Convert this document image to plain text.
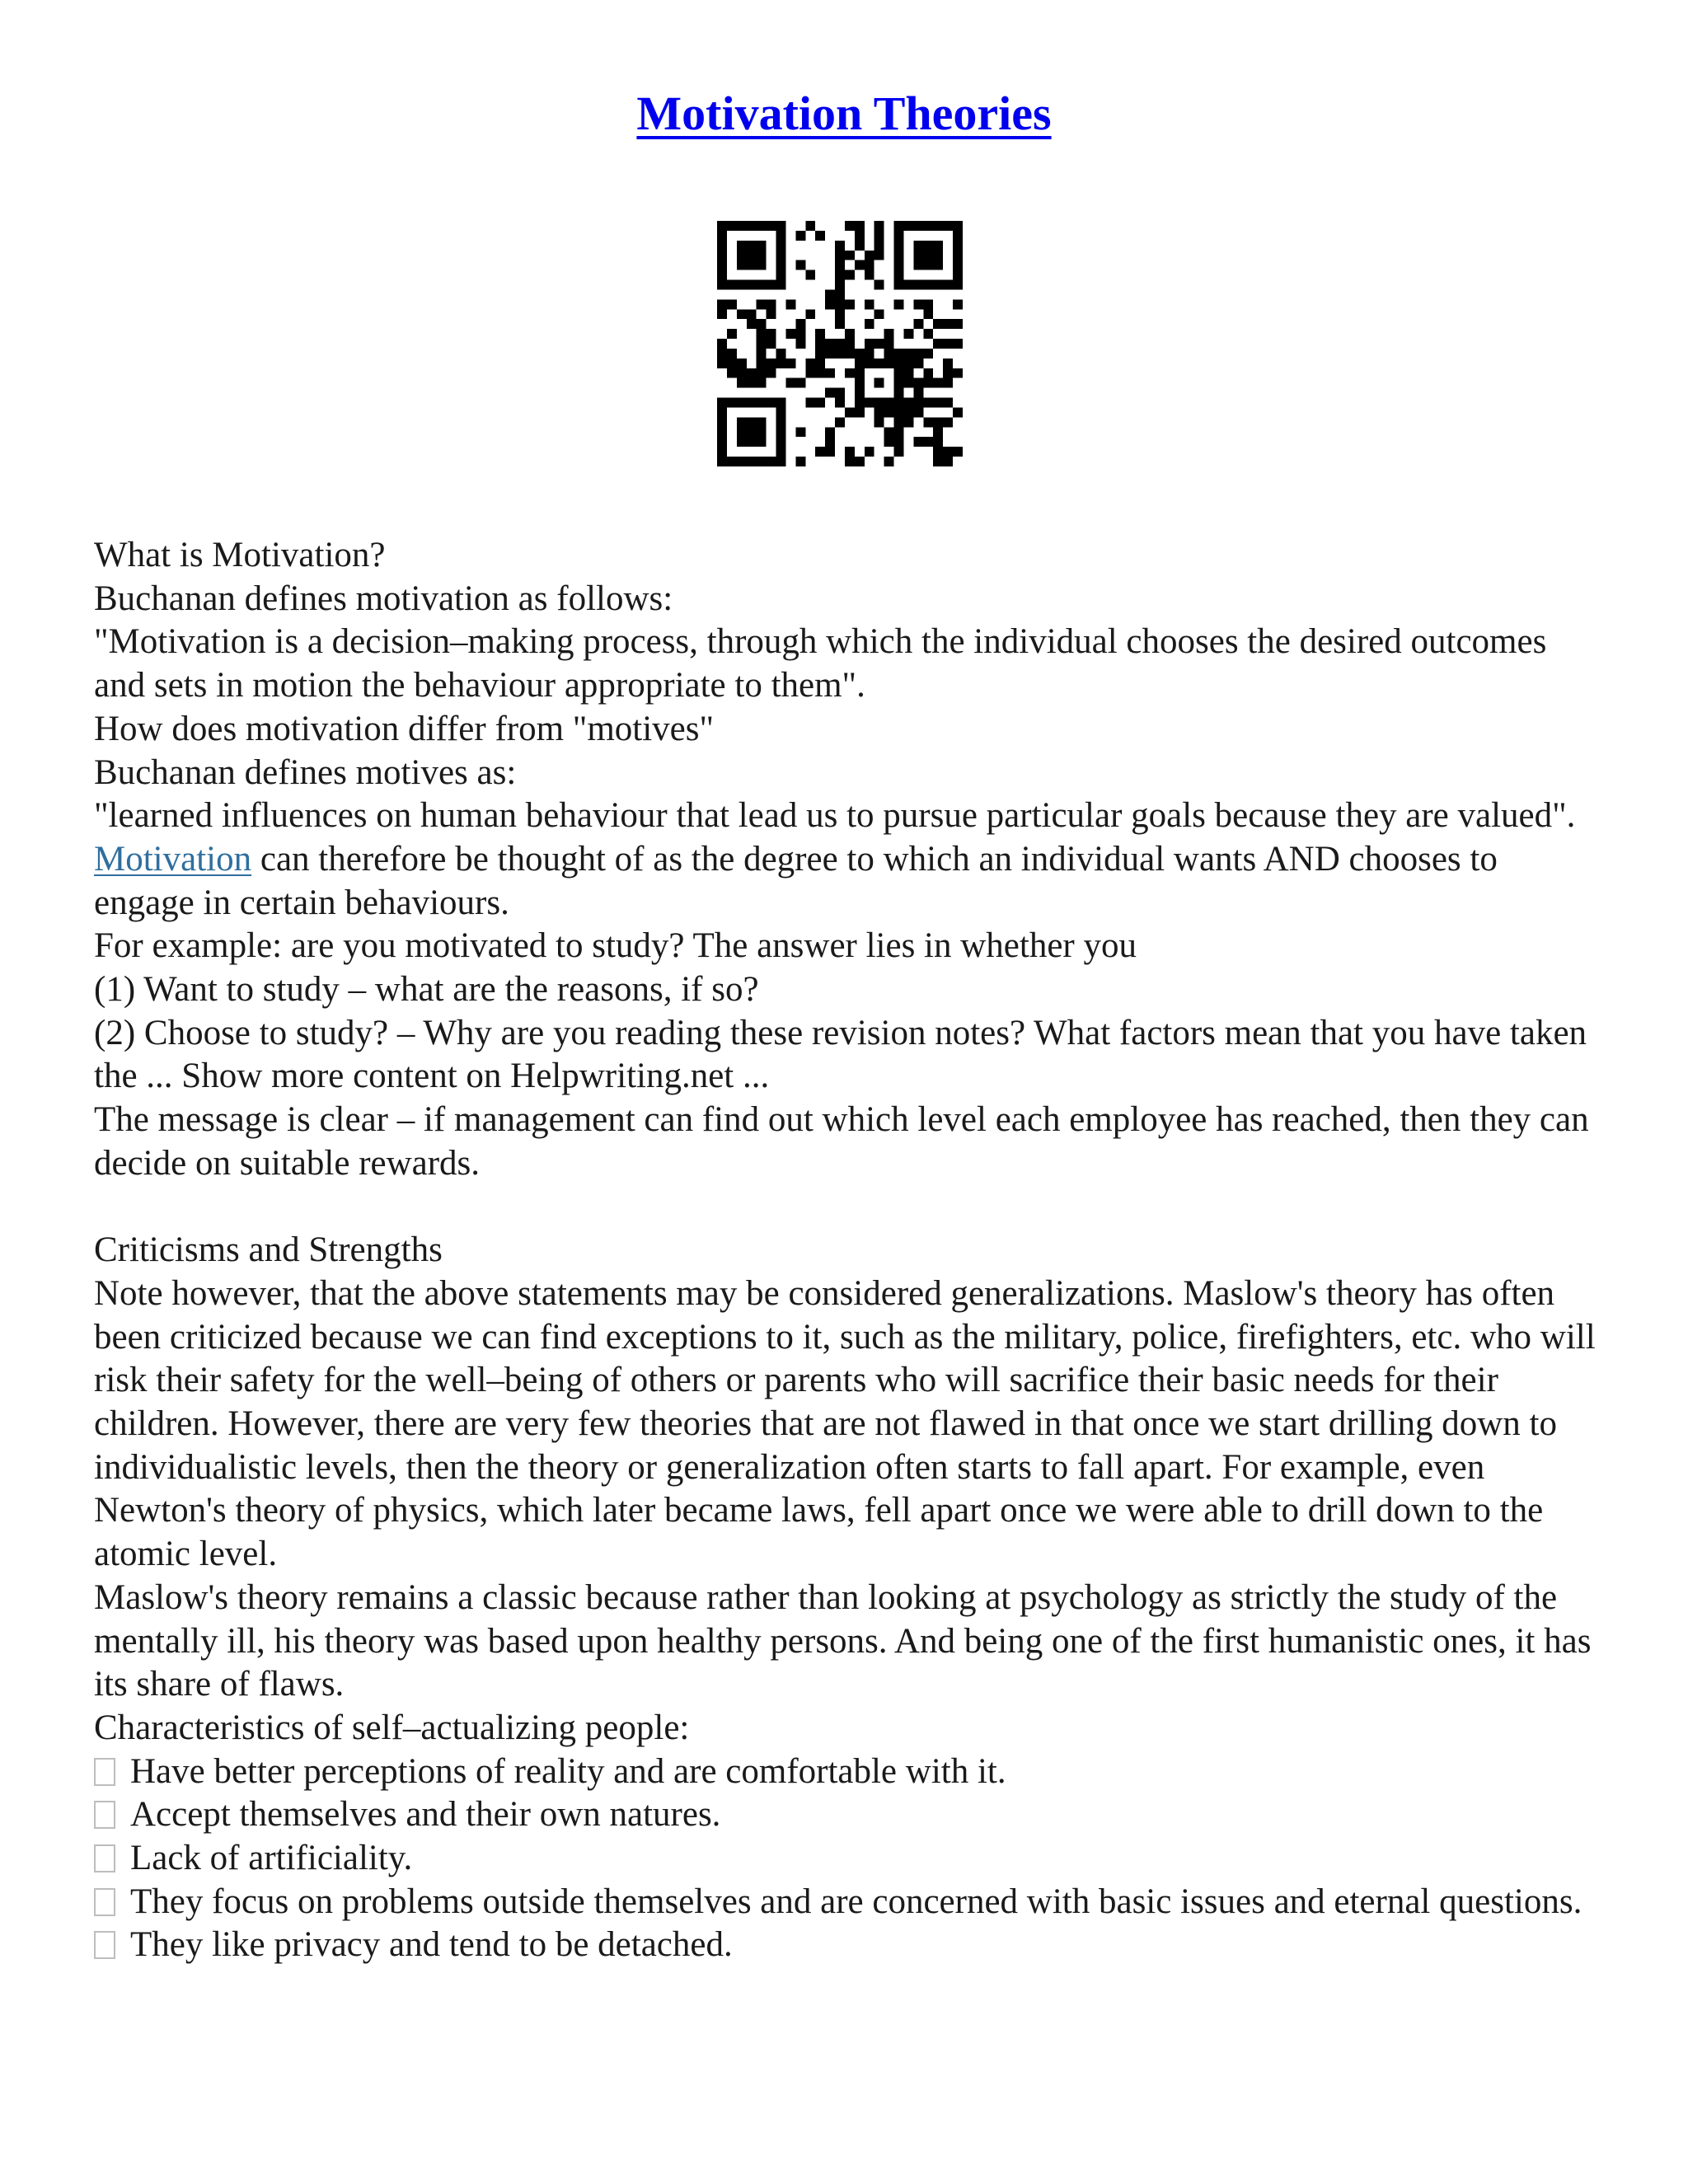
Motivation Theories

What is Motivation?

Buchanan defines motivation as follows:

"Motivation is a decision–making process, through which the individual chooses the desired outcomes and sets in motion the behaviour appropriate to them".

How does motivation differ from "motives"

Buchanan defines motives as:

"learned influences on human behaviour that lead us to pursue particular goals because they are valued".

Motivation can therefore be thought of as the degree to which an individual wants AND chooses to engage in certain behaviours.

For example: are you motivated to study? The answer lies in whether you

(1) Want to study – what are the reasons, if so?

(2) Choose to study? – Why are you reading these revision notes? What factors mean that you have taken the ... Show more content on Helpwriting.net ...

The message is clear – if management can find out which level each employee has reached, then they can decide on suitable rewards.

Criticisms and Strengths

Note however, that the above statements may be considered generalizations. Maslow's theory has often been criticized because we can find exceptions to it, such as the military, police, firefighters, etc. who will risk their safety for the well–being of others or parents who will sacrifice their basic needs for their children. However, there are very few theories that are not flawed in that once we start drilling down to individualistic levels, then the theory or generalization often starts to fall apart. For example, even Newton's theory of physics, which later became laws, fell apart once we were able to drill down to the atomic level.

Maslow's theory remains a classic because rather than looking at psychology as strictly the study of the mentally ill, his theory was based upon healthy persons. And being one of the first humanistic ones, it has its share of flaws.

Characteristics of self–actualizing people:

Have better perceptions of reality and are comfortable with it.

Accept themselves and their own natures.

Lack of artificiality.

They focus on problems outside themselves and are concerned with basic issues and eternal questions.

They like privacy and tend to be detached.
